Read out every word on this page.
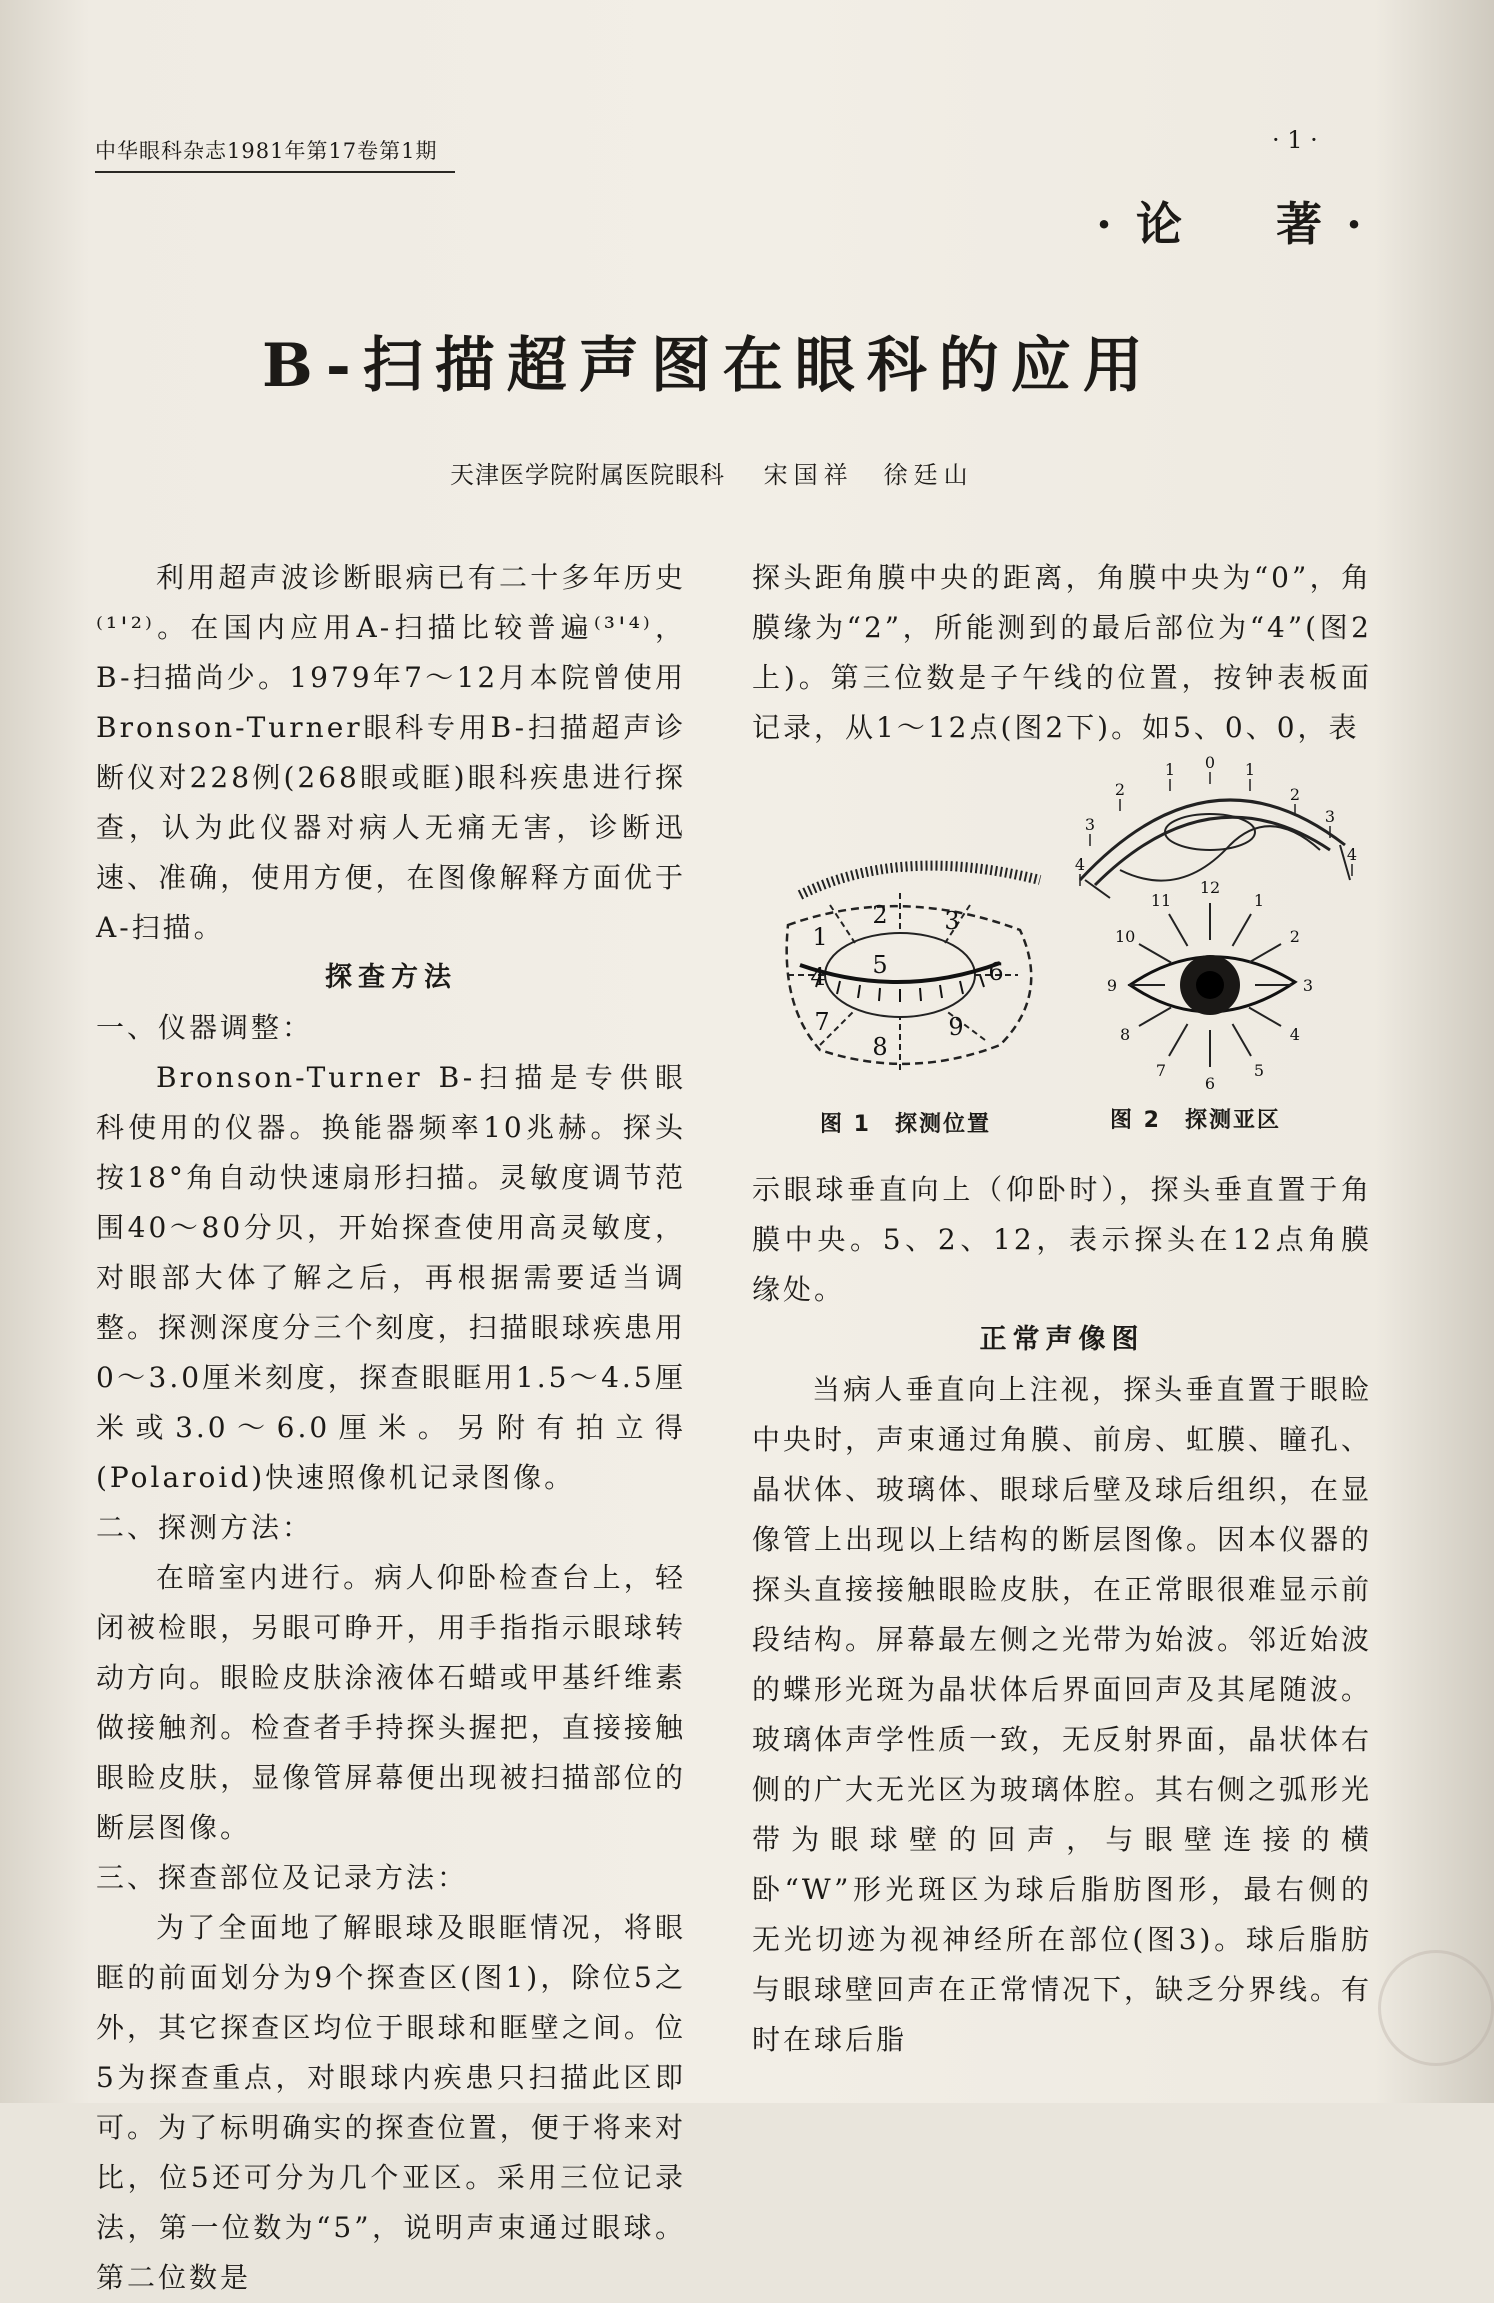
中华眼科杂志1981年第17卷第1期	· 1 ·
·论　著·
B-扫描超声图在眼科的应用
天津医学院附属医院眼科 宋国祥　徐廷山

利用超声波诊断眼病已有二十多年历史⁽¹'²⁾。在国内应用A-扫描比较普遍⁽³'⁴⁾，B-扫描尚少。1979年7～12月本院曾使用Bronson-Turner眼科专用B-扫描超声诊断仪对228例(268眼或眶)眼科疾患进行探查，认为此仪器对病人无痛无害，诊断迅速、准确，使用方便，在图像解释方面优于A-扫描。

探查方法

一、仪器调整：

Bronson-Turner B-扫描是专供眼科使用的仪器。换能器频率10兆赫。探头按18°角自动快速扇形扫描。灵敏度调节范围40～80分贝，开始探查使用高灵敏度，对眼部大体了解之后，再根据需要适当调整。探测深度分三个刻度，扫描眼球疾患用0～3.0厘米刻度，探查眼眶用1.5～4.5厘米或3.0～6.0厘米。另附有拍立得(Polaroid)快速照像机记录图像。

二、探测方法：

在暗室内进行。病人仰卧检查台上，轻闭被检眼，另眼可睁开，用手指指示眼球转动方向。眼睑皮肤涂液体石蜡或甲基纤维素做接触剂。检查者手持探头握把，直接接触眼睑皮肤，显像管屏幕便出现被扫描部位的断层图像。

三、探查部位及记录方法：

为了全面地了解眼球及眼眶情况，将眼眶的前面划分为9个探查区(图1)，除位5之外，其它探查区均位于眼球和眶壁之间。位5为探查重点，对眼球内疾患只扫描此区即可。为了标明确实的探查位置，便于将来对比，位5还可分为几个亚区。采用三位记录法，第一位数为“5”，说明声束通过眼球。第二位数是

探头距角膜中央的距离，角膜中央为“0”，角膜缘为“2”，所能测到的最后部位为“4”(图2上)。第三位数是子午线的位置，按钟表板面记录，从1～12点(图2下)。如5、0、0，表

示眼球垂直向上（仰卧时），探头垂直置于角膜中央。5、2、12，表示探头在12点角膜缘处。

正常声像图

当病人垂直向上注视，探头垂直置于眼睑中央时，声束通过角膜、前房、虹膜、瞳孔、晶状体、玻璃体、眼球后壁及球后组织，在显像管上出现以上结构的断层图像。因本仪器的探头直接接触眼睑皮肤，在正常眼很难显示前段结构。屏幕最左侧之光带为始波。邻近始波的蝶形光斑为晶状体后界面回声及其尾随波。玻璃体声学性质一致，无反射界面，晶状体右侧的广大无光区为玻璃体腔。其右侧之弧形光带为眼球壁的回声，与眼壁连接的横卧“W”形光斑区为球后脂肪图形，最右侧的无光切迹为视神经所在部位(图3)。球后脂肪与眼球壁回声在正常情况下，缺乏分界线。有时在球后脂

1
2 3
4 5	6
7
8
9
图 1　探测位置
12
1
2
3
4
5
6
7
8
9
10
11
0
1	1
2	2
3	3
4
4
图 2　探测亚区
